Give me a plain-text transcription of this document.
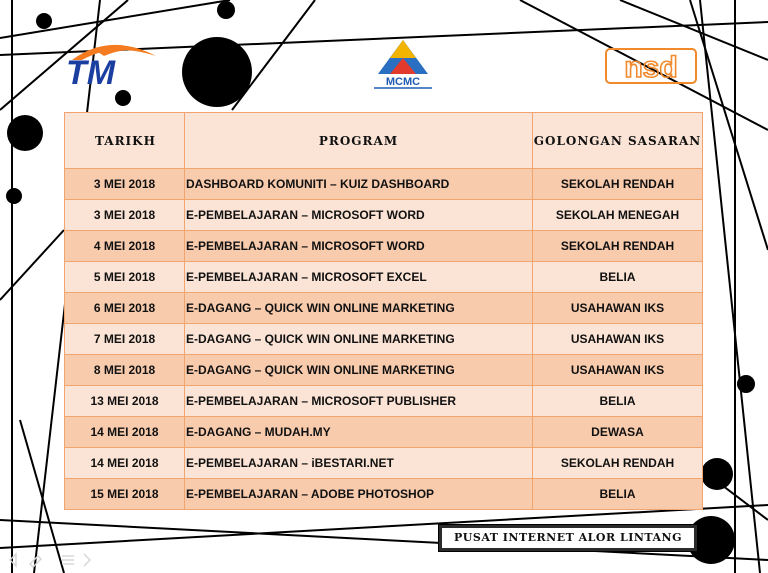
TM	MCMC	nsd
TARIKH	PROGRAM	GOLONGAN SASARAN
3 MEI 2018	DASHBOARD KOMUNITI – KUIZ DASHBOARD	SEKOLAH RENDAH
3 MEI 2018	E-PEMBELAJARAN – MICROSOFT WORD	SEKOLAH MENEGAH
4 MEI 2018	E-PEMBELAJARAN – MICROSOFT WORD	SEKOLAH RENDAH
5 MEI 2018	E-PEMBELAJARAN – MICROSOFT EXCEL	BELIA
6 MEI 2018	E-DAGANG – QUICK WIN ONLINE MARKETING	USAHAWAN IKS
7 MEI 2018	E-DAGANG – QUICK WIN ONLINE MARKETING	USAHAWAN IKS
8 MEI 2018	E-DAGANG – QUICK WIN ONLINE MARKETING	USAHAWAN IKS
13 MEI 2018	E-PEMBELAJARAN – MICROSOFT PUBLISHER	BELIA
14 MEI 2018	E-DAGANG – MUDAH.MY	DEWASA
14 MEI 2018	E-PEMBELAJARAN – iBESTARI.NET	SEKOLAH RENDAH
15 MEI 2018	E-PEMBELAJARAN – ADOBE PHOTOSHOP	BELIA
PUSAT INTERNET ALOR LINTANG
